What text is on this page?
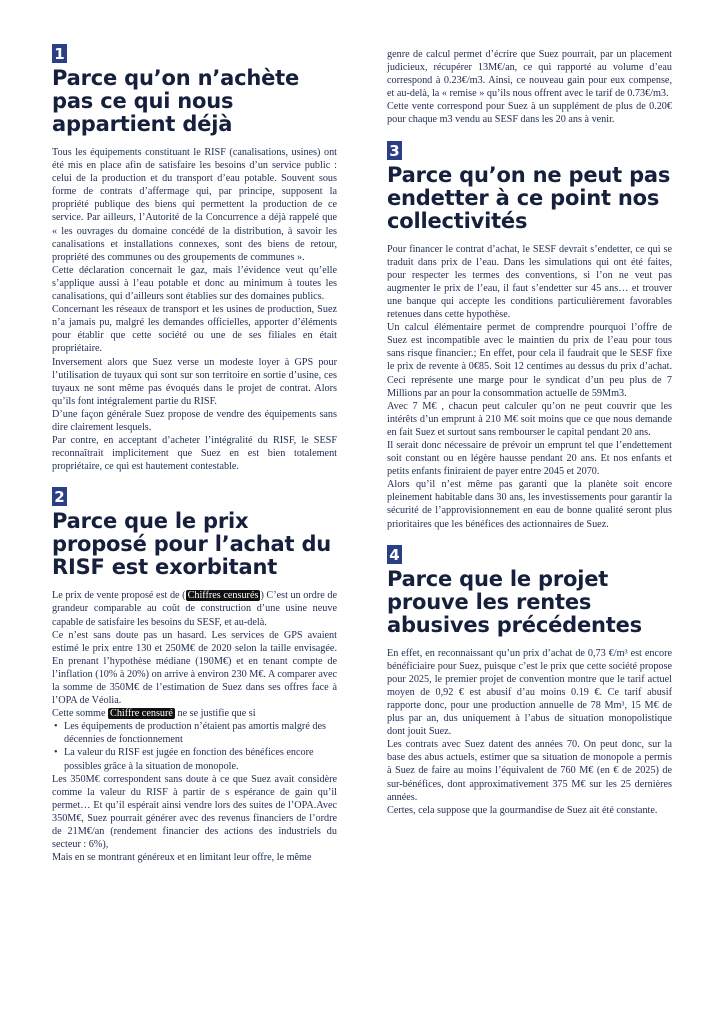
1
Parce qu’on n’achète pas ce qui nous appartient déjà

Tous les équipements constituant le RISF (canalisations, usines) ont été mis en place afin de satisfaire les besoins d’un service public : celui de la production et du transport d’eau potable. Souvent sous forme de contrats d’affermage qui, par principe, supposent la propriété publique des biens qui permettent la production de ce service. Par ailleurs, l’Autorité de la Concurrence a déjà rappelé que « les ouvrages du domaine concédé de la distribution, à savoir les canalisations et installations connexes, sont des biens de retour, propriété des communes ou des groupements de communes ».

Cette déclaration concernait le gaz, mais l’évidence veut qu’elle s’applique aussi à l’eau potable et donc au minimum à toutes les canalisations, qui d’ailleurs sont établies sur des domaines publics.

Concernant les réseaux de transport et les usines de production, Suez n’a jamais pu, malgré les demandes officielles, apporter d’éléments pour établir que cette société ou une de ses filiales en était propriétaire.

Inversement alors que Suez verse un modeste loyer à GPS pour l’utilisation de tuyaux qui sont sur son territoire en sortie d’usine, ces tuyaux ne sont même pas évoqués dans le projet de contrat. Alors qu’ils font intégralement partie du RISF.

D’une façon générale Suez propose de vendre des équipements sans dire clairement lesquels.

Par contre, en acceptant d’acheter l’intégralité du RISF, le SESF reconnaîtrait implicitement que Suez en est bien totalement propriétaire, ce qui est hautement contestable.

2
Parce que le prix proposé pour l’achat du RISF est exorbitant

Le prix de vente proposé est de ( Chiffres censurés ) C’est un ordre de grandeur comparable au coût de construction d’une usine neuve capable de satisfaire les besoins du SESF, et au-delà.

Ce n’est sans doute pas un hasard. Les services de GPS avaient estimé le prix entre 130 et 250M€ de 2020 selon la taille envisagée. En prenant l’hypothèse médiane (190M€) et en tenant compte de l’inflation (10% à 20%) on arrive à environ 230 M€. A comparer avec la somme de 350M€ de l’estimation de Suez dans ses offres face à l’OPA de Véolia.

Cette somme Chiffre censuré ne se justifie que si

• Les équipements de production n’étaient pas amortis malgré des décennies de fonctionnement
• La valeur du RISF est jugée en fonction des bénéfices encore possibles grâce à la situation de monopole.

Les 350M€ correspondent sans doute à ce que Suez avait considère comme la valeur du RISF à partir de s espérance de gain qu’il permet… Et qu’il espérait ainsi vendre lors des suites de l’OPA.Avec 350M€, Suez pourrait générer avec des revenus financiers de l’ordre de 21M€/an (rendement financier des actions des industriels du secteur : 6%),

Mais en se montrant généreux et en limitant leur offre, le même

genre de calcul permet d’écrire que Suez pourrait, par un placement judicieux, récupérer 13M€/an, ce qui rapporté au volume d’eau correspond à 0.23€/m3. Ainsi, ce nouveau gain pour eux compense, et au-delà, la « remise » qu’ils nous offrent avec le tarif de 0.73€/m3.

Cette vente correspond pour Suez à un supplément de plus de 0.20€ pour chaque m3 vendu au SESF dans les 20 ans à venir.

3
Parce qu’on ne peut pas endetter à ce point nos collectivités

Pour financer le contrat d’achat, le SESF devrait s’endetter, ce qui se traduit dans prix de l’eau. Dans les simulations qui ont été faites, pour respecter les termes des conventions, si l’on ne veut pas augmenter le prix de l’eau, il faut s’endetter sur 45 ans… et trouver une banque qui accepte les conditions particulièrement favorables retenues dans cette hypothèse.

Un calcul élémentaire permet de comprendre pourquoi l’offre de Suez est incompatible avec le maintien du prix de l’eau pour tous sans risque financier.; En effet, pour cela il faudrait que le SESF fixe le prix de revente à 0€85. Soit 12 centimes au dessus du prix d’achat. Ceci représente une marge pour le syndicat d’un peu plus de 7 Millions par an pour la consommation actuelle de 59Mm3.

Avec 7 M€ , chacun peut calculer qu’on ne peut couvrir que les intérêts d’un emprunt à 210 M€ soit moins que ce que nous demande en fait Suez et surtout sans rembourser le capital pendant 20 ans.

Il serait donc nécessaire de prévoir un emprunt tel que l’endettement soit constant ou en légère hausse pendant 20 ans. Et nos enfants et petits enfants finiraient de payer entre 2045 et 2070.

Alors qu’il n’est même pas garanti que la planète soit encore pleinement habitable dans 30 ans, les investissements pour garantir la sécurité de l’approvisionnement en eau de bonne qualité seront plus prioritaires que les bénéfices des actionnaires de Suez.

4
Parce que le projet prouve les rentes abusives précédentes

En effet, en reconnaissant qu’un prix d’achat de 0,73 €/m³ est encore bénéficiaire pour Suez, puisque c’est le prix que cette société propose pour 2025, le premier projet de convention montre que le tarif actuel moyen de 0,92 € est abusif d’au moins 0.19 €. Ce tarif abusif rapporte donc, pour une production annuelle de 78 Mm³, 15 M€ de plus par an, dus uniquement à l’abus de situation monopolistique dont jouit Suez.

Les contrats avec Suez datent des années 70. On peut donc, sur la base des abus actuels, estimer que sa situation de monopole a permis à Suez de faire au moins l’équivalent de 760 M€ (en € de 2025) de sur-bénéfices, dont approximativement 375 M€ sur les 25 dernières années.

Certes, cela suppose que la gourmandise de Suez ait été constante.
